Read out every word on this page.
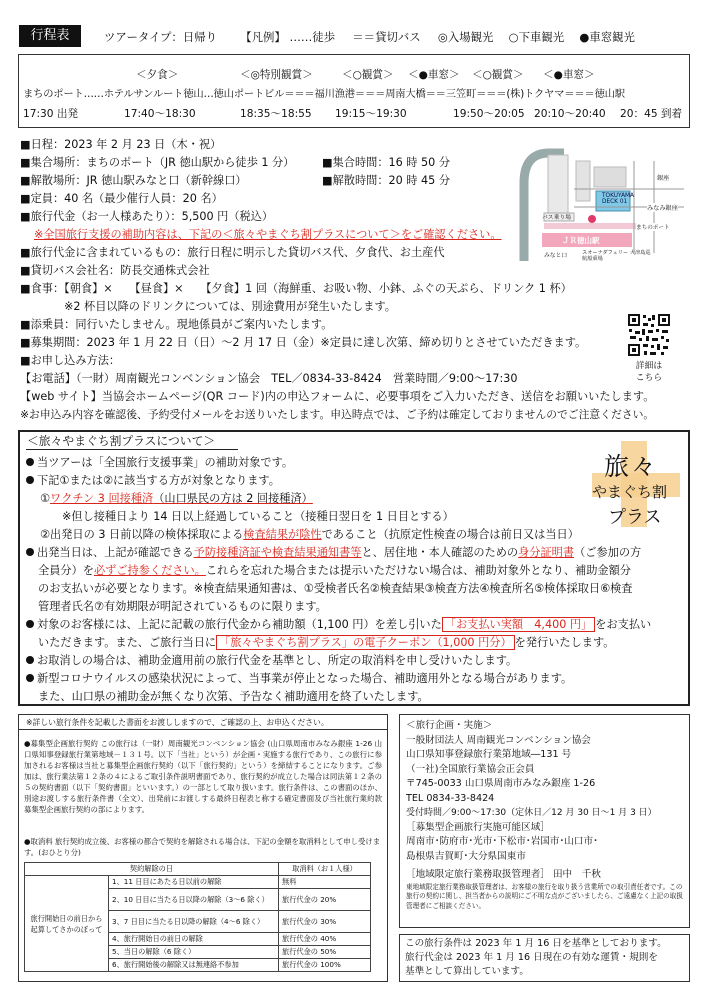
行程表	ツアータイプ：日帰り 【凡例】 ……徒歩 ＝＝貸切バス ◎入場観光 ○下車観光 ●車窓観光
＜夕食＞	＜◎特別観賞＞	＜○観賞＞ ＜●車窓＞ ＜○観賞＞ ＜●車窓＞
まちのポート……ホテルサンルート徳山…徳山ポートビル＝＝＝福川漁港＝＝＝周南大橋＝＝三笠町＝＝＝(株)トクヤマ＝＝＝徳山駅
17:30 出発	17:40～18:30	18:35～18:55 19:15～19:30	19:50～20:05 20:10～20:40 20：45 到着
■日程：2023 年 2 月 23 日（木・祝）
■集合場所：まちのポート（JR 徳山駅から徒歩 1 分） ■集合時間：16 時 50 分
■解散場所：JR 徳山駅みなと口（新幹線口）	■解散時間：20 時 45 分
■定員：40 名（最少催行人員：20 名）
■旅行代金（お一人様あたり）：5,500 円（税込）
※全国旅行支援の補助内容は、下記の＜旅々やまぐち割プラスについて＞をご確認ください。
■旅行代金に含まれているもの：旅行日程に明示した貸切バス代、夕食代、お土産代
■貸切バス会社名：防長交通株式会社
■食事：【朝食】×　　【昼食】×　　【夕食】1 回（海鮮重、お吸い物、小鉢、ふぐの天ぷら、ドリンク 1 杯）
※2 杯目以降のドリンクについては、別途費用が発生いたします。
■添乗員：同行いたしません。現地係員がご案内いたします。
■募集期間：2023 年 1 月 22 日（日）～2 月 17 日（金）※定員に達し次第、締め切りとさせていただきます。
■お申し込み方法：
【お電話】（一財）周南観光コンベンション協会　TEL／0834-33-8424　営業時間／9:00～17:30
【web サイト】当協会ホームページ(QR コード)内の申込フォームに、必要事項をご入力いただき、送信をお願いいたします。
※お申込み内容を確認後、予約受付メールをお送りいたします。申込時点では、ご予約は確定しておりませんのでご注意ください。
TOKUYAMA DECK 01
ＪＲ徳山駅
バス乗り場
みなみ銀座
銀座
みなと口	スオーナダフェリー 大津島巡航船乗場
まちのポート
詳細は
こちら
＜旅々やまぐち割プラスについて＞
旅々
やまぐち割
プラス
当ツアーは「全国旅行支援事業」の補助対象です。
下記①または②に該当する方が対象となります。
①ワクチン 3 回接種済（山口県民の方は 2 回接種済）
※但し接種日より 14 日以上経過していること（接種日翌日を 1 日目とする）
②出発日の 3 日前以降の検体採取による検査結果が陰性であること（抗原定性検査の場合は前日又は当日）
出発当日は、上記が確認できる予防接種済証や検査結果通知書等と、居住地・本人確認のための身分証明書（ご参加の方
全員分）を必ずご持参ください。これらを忘れた場合または提示いただけない場合は、補助対象外となり、補助金額分
のお支払いが必要となります。※検査結果通知書は、①受検者氏名②検査結果③検査方法④検査所名⑤検体採取日⑥検査
管理者氏名⑦有効期限が明記されているものに限ります。
対象のお客様には、上記に記載の旅行代金から補助額（1,100 円）を差し引いた 「お支払い実額　4,400 円」 をお支払い
いただきます。また、ご旅行当日に 「旅々やまぐち割プラス」の電子クーポン（1,000 円分） を発行いたします。
お取消しの場合は、補助金適用前の旅行代金を基準とし、所定の取消料を申し受けいたします。
新型コロナウイルスの感染状況によって、当事業が停止となった場合、補助適用外となる場合があります。
また、山口県の補助金が無くなり次第、予告なく補助適用を終了いたします。
※詳しい旅行条件を記載した書面をお渡ししますので、ご確認の上、お申込ください。
●募集型企画旅行契約 この旅行は（一財）周南観光コンベンション協会 (山口県周南市みなみ銀座 1-26 山口県知事登録旅行業第地域－１３１号。以下「当社」という）が企画・実施する旅行であり、この旅行に参加されるお客様は当社と募集型企画旅行契約（以下「旅行契約」という）を締結することになります。ご参加は、旅行業法第１２条の４によるご取引条件説明書面であり、旅行契約が成立した場合は同法第１２条の５の契約書面（以下「契約書面」といいます。）の一部として取り扱います。旅行条件は、この書面のほか、別途お渡しする旅行条件書（全文）、出発前にお渡しする最終日程表と称する確定書面及び当社旅行業約款募集型企画旅行契約の部によります。
●取消料 旅行契約成立後、お客様の都合で契約を解除される場合は、下記の金額を取消料として申し受けます。(おひとり分)
契約解除の日		取消料（お１人様）
旅行開始日の前日から起算してさかのぼって	1、11 日目にあたる日以前の解除	無料
	2、10 日目に当たる日以降の解除（3～6 除く）	旅行代金の 20%
	3、7 日目に当たる日以降の解除（4～6 除く）	旅行代金の 30%
	4、旅行開始日の前日の解除	旅行代金の 40%
	5、当日の解除（6 除く）	旅行代金の 50%
	6、旅行開始後の解除又は無連絡不参加	旅行代金の 100%
＜旅行企画・実施＞
一般財団法人 周南観光コンベンション協会
山口県知事登録旅行業第地域―131 号
（一社)全国旅行業協会正会員
〒745-0033 山口県周南市みなみ銀座 1-26
TEL 0834-33-8424
受付時間／9:00～17:30（定休日／12 月 30 日～1 月 3 日）
［募集型企画旅行実施可能区域］
周南市･防府市･光市･下松市･岩国市･山口市･
島根県吉賀町･大分県国東市
［地域限定旅行業務取扱管理者］ 田中　千秋
東地域限定旅行業務取扱管理者は、お客様の旅行を取り扱う営業所での取引責任者です。この旅行の契約に関し、担当者からの説明にご不明な点がございましたら、ご遠慮なく上記の取扱管理者にご相談ください。
この旅行条件は 2023 年 1 月 16 日を基準としております。
旅行代金は 2023 年 1 月 16 日現在の有効な運賃・規則を
基準として算出しています。
